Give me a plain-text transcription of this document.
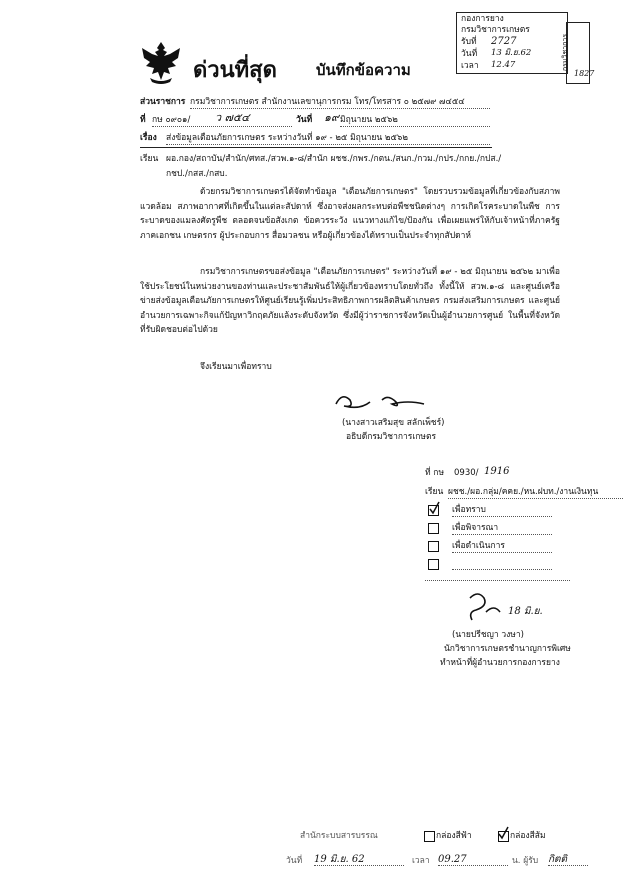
ด่วนที่สุด	บันทึกข้อความ
กองการยาง
กรมวิชาการเกษตร
รับที่ 2727
วันที่ 13 มิ.ย.62
เวลา 12.47	กรมวิชาการ
1827
ส่วนราชการ กรมวิชาการเกษตร สำนักงานเลขานุการกรม โทร/โทรสาร ๐ ๒๕๗๙ ๗๔๕๔
ที่ กษ ๐๙๐๑/	ว ๗๕๔	วันที่ ๑๙ มิถุนายน ๒๕๖๒
เรื่อง ส่งข้อมูลเตือนภัยการเกษตร ระหว่างวันที่ ๑๙ - ๒๕ มิถุนายน ๒๕๖๒
เรียน ผอ.กอง/สถาบัน/สำนัก/ศทส./สวพ.๑-๘/สำนัก ผชช./กพร./กตน./สนก./กวม./กปร./กกย./กปส./
กชป./กสส./กสบ.
ด้วยกรมวิชาการเกษตรได้จัดทำข้อมูล "เตือนภัยการเกษตร" โดยรวบรวมข้อมูลที่เกี่ยวข้องกับสภาพแวดล้อม สภาพอากาศที่เกิดขึ้นในแต่ละสัปดาห์ ซึ่งอาจส่งผลกระทบต่อพืชชนิดต่างๆ การเกิดโรคระบาดในพืช การระบาดของแมลงศัตรูพืช ตลอดจนข้อสังเกต ข้อควรระวัง แนวทางแก้ไข/ป้องกัน เพื่อเผยแพร่ให้กับเจ้าหน้าที่ภาครัฐ ภาคเอกชน เกษตรกร ผู้ประกอบการ สื่อมวลชน หรือผู้เกี่ยวข้องได้ทราบเป็นประจำทุกสัปดาห์
กรมวิชาการเกษตรขอส่งข้อมูล "เตือนภัยการเกษตร" ระหว่างวันที่ ๑๙ - ๒๕ มิถุนายน ๒๕๖๒ มาเพื่อใช้ประโยชน์ในหน่วยงานของท่านและประชาสัมพันธ์ให้ผู้เกี่ยวข้องทราบโดยทั่วถึง ทั้งนี้ให้ สวพ.๑-๘ และศูนย์เครือข่ายส่งข้อมูลเตือนภัยการเกษตรให้ศูนย์เรียนรู้เพิ่มประสิทธิภาพการผลิตสินค้าเกษตร กรมส่งเสริมการเกษตร และศูนย์อำนวยการเฉพาะกิจแก้ปัญหาวิกฤตภัยแล้งระดับจังหวัด ซึ่งมีผู้ว่าราชการจังหวัดเป็นผู้อำนวยการศูนย์ ในพื้นที่จังหวัดที่รับผิดชอบต่อไปด้วย
จึงเรียนมาเพื่อทราบ
(นางสาวเสริมสุข สลักเพ็ชร์)
อธิบดีกรมวิชาการเกษตร
ที่ กษ 0930/ 1916
เรียน ผชช./ผอ.กลุ่ม/คคย./หน.ฝบท./งานเงินทุน
เพื่อทราบ
เพื่อพิจารณา
เพื่อดำเนินการ
18 มิ.ย.
(นายปรีชญา วงษา)
นักวิชาการเกษตรชำนาญการพิเศษ
ทำหน้าที่ผู้อำนวยการกองการยาง
สำนักระบบสารบรรณ	กล่องสีฟ้า	กล่องสีส้ม
วันที่ 19 มิ.ย. 62	เวลา 09.27	น. ผู้รับ กิตติ
